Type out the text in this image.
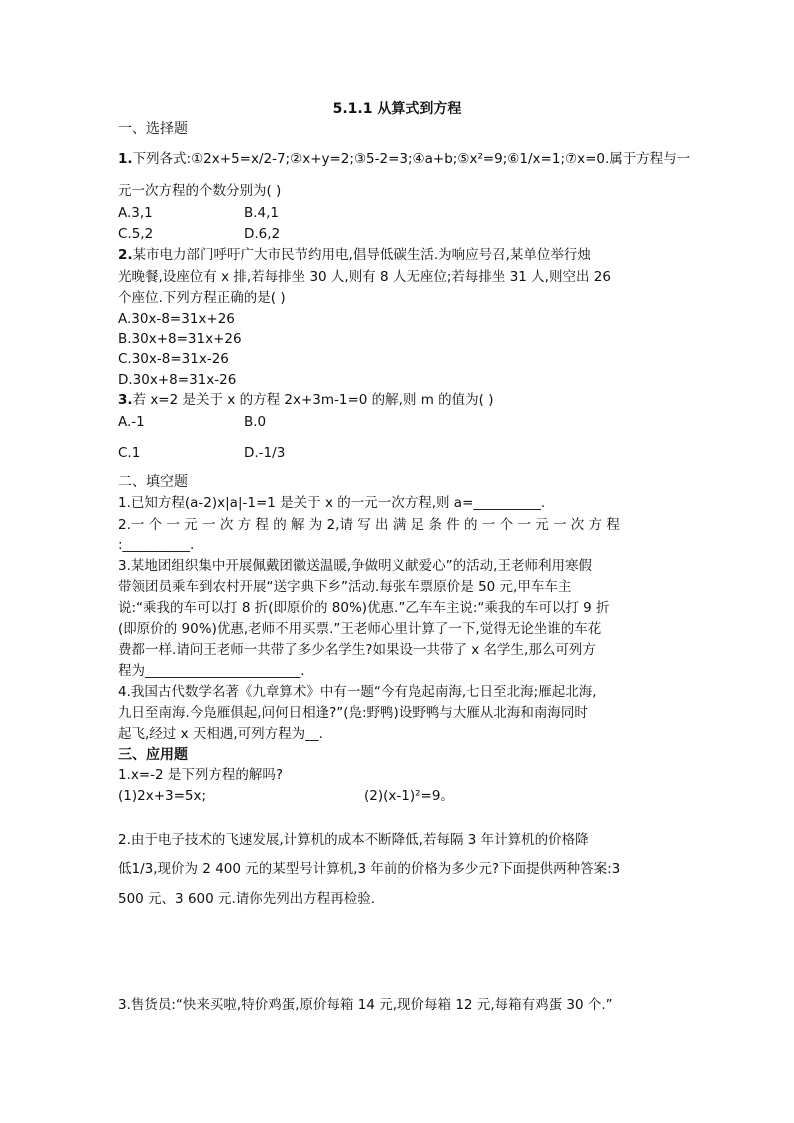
5.1.1 从算式到方程
一、选择题
1.下列各式:①2x+5=x/2-7;②x+y=2;③5-2=3;④a+b;⑤x²=9;⑥1/x=1;⑦x=0.属于方程与一
元一次方程的个数分别为( )
A.3,1	B.4,1
C.5,2	D.6,2
2.某市电力部门呼吁广大市民节约用电,倡导低碳生活.为响应号召,某单位举行烛
光晚餐,设座位有 x 排,若每排坐 30 人,则有 8 人无座位;若每排坐 31 人,则空出 26
个座位.下列方程正确的是( )
A.30x-8=31x+26
B.30x+8=31x+26
C.30x-8=31x-26
D.30x+8=31x-26
3.若 x=2 是关于 x 的方程 2x+3m-1=0 的解,则 m 的值为( )
A.-1	B.0
C.1	D.-1/3
二、填空题
1.已知方程(a-2)x|a|-1=1 是关于 x 的一元一次方程,则 a=__________.
2.一 个 一 元 一 次 方 程 的 解 为 2,请 写 出 满 足 条 件 的 一 个 一 元 一 次 方 程
:__________.
3.某地团组织集中开展佩戴团徽送温暖,争做明义献爱心”的活动,王老师利用寒假
带领团员乘车到农村开展“送字典下乡”活动.每张车票原价是 50 元,甲车车主
说:“乘我的车可以打 8 折(即原价的 80%)优惠.”乙车车主说:“乘我的车可以打 9 折
(即原价的 90%)优惠,老师不用买票.”王老师心里计算了一下,觉得无论坐谁的车花
费都一样.请问王老师一共带了多少名学生?如果设一共带了 x 名学生,那么可列方
程为_______________________.
4.我国古代数学名著《九章算术》中有一题“今有凫起南海,七日至北海;雁起北海,
九日至南海.今凫雁俱起,问何日相逢?”(凫:野鸭)设野鸭与大雁从北海和南海同时
起飞,经过 x 天相遇,可列方程为__.
三、应用题
1.x=-2 是下列方程的解吗?
(1)2x+3=5x;	(2)(x-1)²=9。
2.由于电子技术的飞速发展,计算机的成本不断降低,若每隔 3 年计算机的价格降
低1/3,现价为 2 400 元的某型号计算机,3 年前的价格为多少元?下面提供两种答案:3
500 元、3 600 元.请你先列出方程再检验.
3.售货员:“快来买啦,特价鸡蛋,原价每箱 14 元,现价每箱 12 元,每箱有鸡蛋 30 个.”
